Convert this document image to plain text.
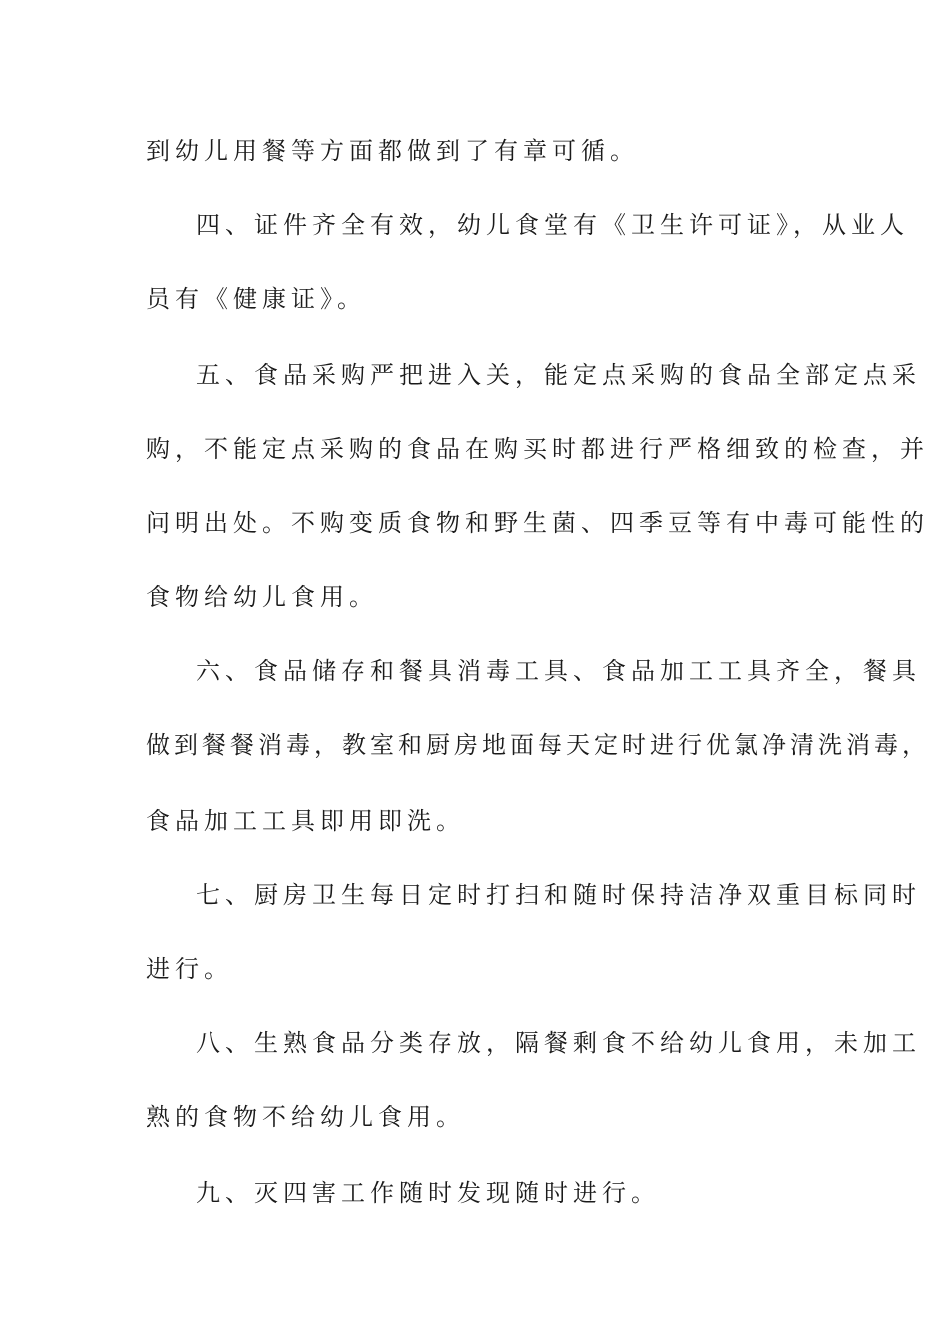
到幼儿用餐等方面都做到了有章可循。
四、证件齐全有效，幼儿食堂有《卫生许可证》，从业人
员有《健康证》。
五、食品采购严把进入关，能定点采购的食品全部定点采
购，不能定点采购的食品在购买时都进行严格细致的检查，并
问明出处。不购变质食物和野生菌、四季豆等有中毒可能性的
食物给幼儿食用。
六、食品储存和餐具消毒工具、食品加工工具齐全，餐具
做到餐餐消毒，教室和厨房地面每天定时进行优氯净清洗消毒，
食品加工工具即用即洗。
七、厨房卫生每日定时打扫和随时保持洁净双重目标同时
进行。
八、生熟食品分类存放，隔餐剩食不给幼儿食用，未加工
熟的食物不给幼儿食用。
九、灭四害工作随时发现随时进行。
